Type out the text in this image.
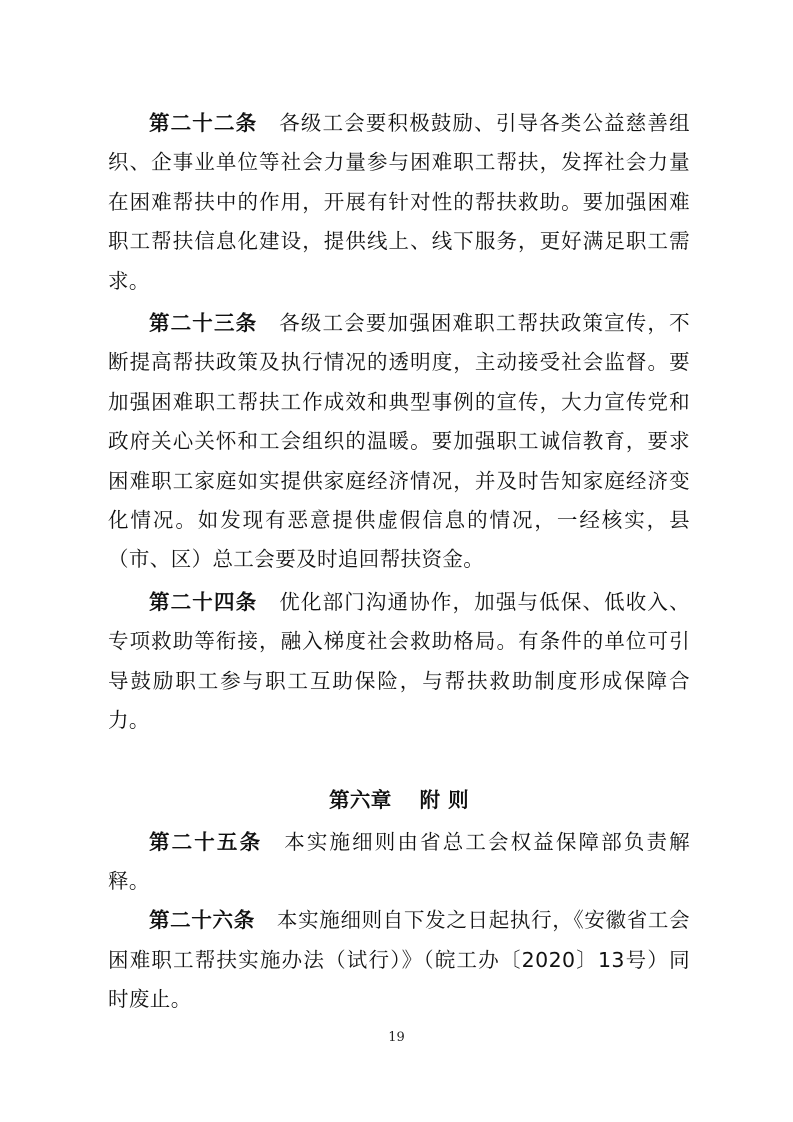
第二十二条 各级工会要积极鼓励、引导各类公益慈善组织、企事业单位等社会力量参与困难职工帮扶，发挥社会力量在困难帮扶中的作用，开展有针对性的帮扶救助。要加强困难职工帮扶信息化建设，提供线上、线下服务，更好满足职工需求。

第二十三条 各级工会要加强困难职工帮扶政策宣传，不断提高帮扶政策及执行情况的透明度，主动接受社会监督。要加强困难职工帮扶工作成效和典型事例的宣传，大力宣传党和政府关心关怀和工会组织的温暖。要加强职工诚信教育，要求困难职工家庭如实提供家庭经济情况，并及时告知家庭经济变化情况。如发现有恶意提供虚假信息的情况，一经核实，县（市、区）总工会要及时追回帮扶资金。

第二十四条 优化部门沟通协作，加强与低保、低收入、专项救助等衔接，融入梯度社会救助格局。有条件的单位可引导鼓励职工参与职工互助保险，与帮扶救助制度形成保障合力。

第六章 附 则

第二十五条 本实施细则由省总工会权益保障部负责解释。

第二十六条 本实施细则自下发之日起执行，《安徽省工会困难职工帮扶实施办法（试行）》（皖工办〔2020〕13号）同时废止。

19
